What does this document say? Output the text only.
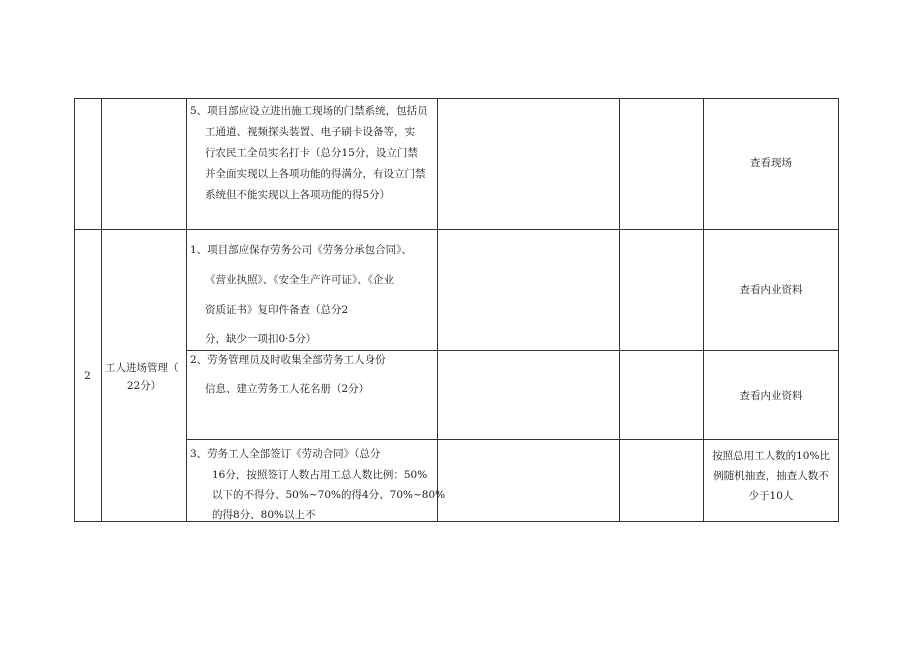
5、项目部应设立进出施工现场的门禁系统，包括员
工通道、视频探头装置、电子刷卡设备等，实
行农民工全员实名打卡（总分15分，设立门禁
并全面实现以上各项功能的得满分，有设立门禁
系统但不能实现以上各项功能的得5分）
查看现场
2
工人进场管理（
22分）
1、项目部应保存劳务公司《劳务分承包合同》、
《营业执照》、《安全生产许可证》、《企业
资质证书》复印件备查（总分2
分，缺少一项扣0·5分）
查看内业资料
2、劳务管理员及时收集全部劳务工人身份
信息、建立劳务工人花名册（2分）
查看内业资料
3、劳务工人全部签订《劳动合同》（总分
16分，按照签订人数占用工总人数比例：50%
以下的不得分、50%~70%的得4分、70%~80%
的得8分、80%以上不
按照总用工人数的10%比
例随机抽查，抽查人数不
少于10人
